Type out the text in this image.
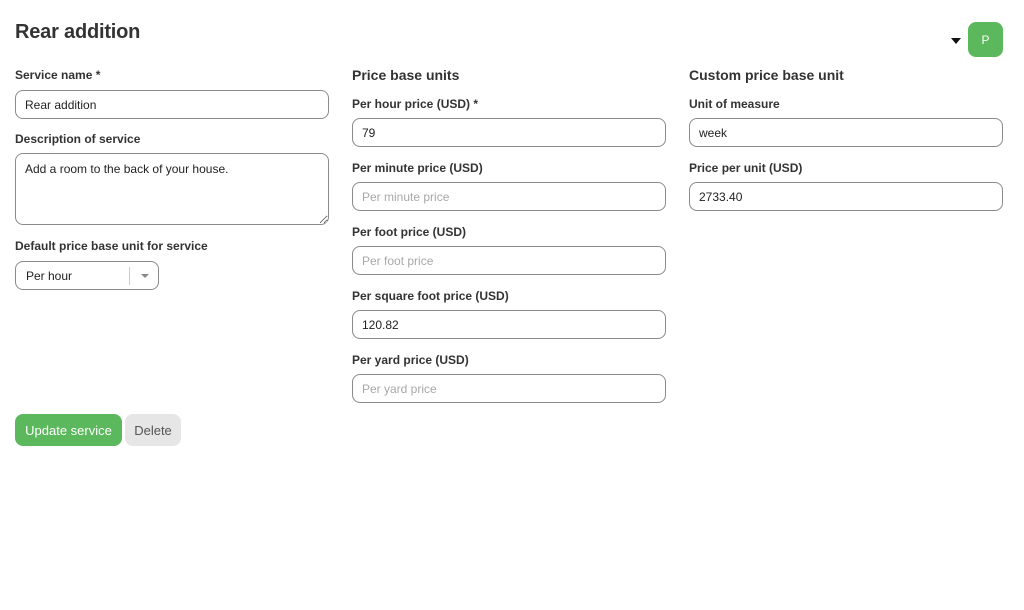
Rear addition	P
Service name *
Rear addition
Description of service
Add a room to the back of your house.
Default price base unit for service
Per hour
Price base units
Per hour price (USD) *
79
Per minute price (USD)
Per minute price
Per foot price (USD)
Per foot price
Per square foot price (USD)
120.82
Per yard price (USD)
Per yard price
Custom price base unit
Unit of measure
week
Price per unit (USD)
2733.40
Update service	Delete
